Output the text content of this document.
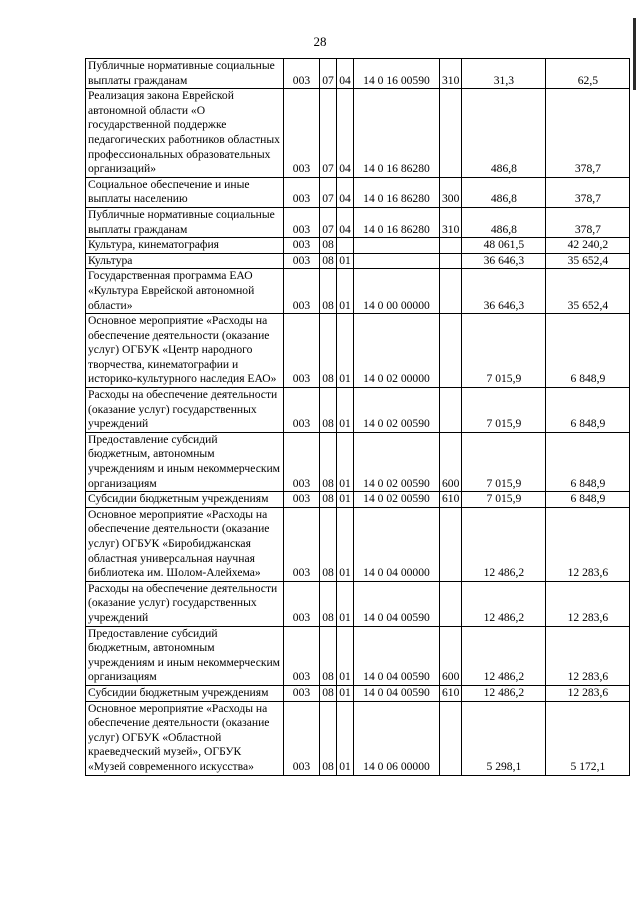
28
Публичные нормативные социальные выплаты гражданам	003	07	04	14 0 16 00590	310	31,3	62,5
Реализация закона Еврейской автономной области «О государственной поддержке педагогических работников областных профессиональных образовательных организаций»	003	07	04	14 0 16 86280		486,8	378,7
Социальное обеспечение и иные выплаты населению	003	07	04	14 0 16 86280	300	486,8	378,7
Публичные нормативные социальные выплаты гражданам	003	07	04	14 0 16 86280	310	486,8	378,7
Культура, кинематография	003	08				48 061,5	42 240,2
Культура	003	08	01			36 646,3	35 652,4
Государственная программа ЕАО «Культура Еврейской автономной области»	003	08	01	14 0 00 00000		36 646,3	35 652,4
Основное мероприятие «Расходы на обеспечение деятельности (оказание услуг) ОГБУК «Центр народного творчества, кинематографии и историко-культурного наследия ЕАО»	003	08	01	14 0 02 00000		7 015,9	6 848,9
Расходы на обеспечение деятельности (оказание услуг) государственных учреждений	003	08	01	14 0 02 00590		7 015,9	6 848,9
Предоставление субсидий бюджетным, автономным учреждениям и иным некоммерческим организациям	003	08	01	14 0 02 00590	600	7 015,9	6 848,9
Субсидии бюджетным учреждениям	003	08	01	14 0 02 00590	610	7 015,9	6 848,9
Основное мероприятие «Расходы на обеспечение деятельности (оказание услуг) ОГБУК «Биробиджанская областная универсальная научная библиотека им. Шолом-Алейхема»	003	08	01	14 0 04 00000		12 486,2	12 283,6
Расходы на обеспечение деятельности (оказание услуг) государственных учреждений	003	08	01	14 0 04 00590		12 486,2	12 283,6
Предоставление субсидий бюджетным, автономным учреждениям и иным некоммерческим организациям	003	08	01	14 0 04 00590	600	12 486,2	12 283,6
Субсидии бюджетным учреждениям	003	08	01	14 0 04 00590	610	12 486,2	12 283,6
Основное мероприятие «Расходы на обеспечение деятельности (оказание услуг) ОГБУК «Областной краеведческий музей», ОГБУК «Музей современного искусства»	003	08	01	14 0 06 00000		5 298,1	5 172,1
